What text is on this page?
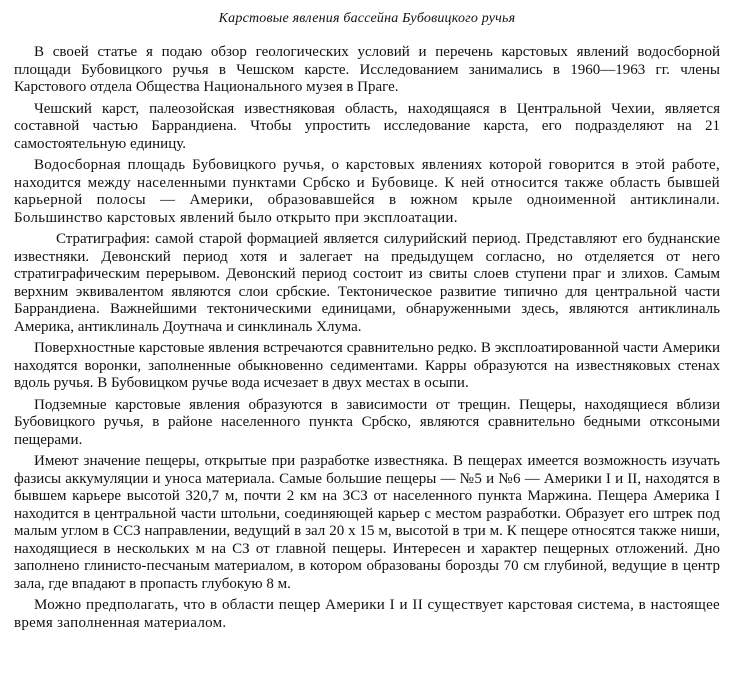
Карстовые явления бассейна Бубовицкого ручья

В своей статье я подаю обзор геологических условий и перечень карстовых явлений водосборной площади Бубовицкого ручья в Чешском карсте. Исследованием занимались в 1960—1963 гг. члены Карстового отдела Общества Национального музея в Праге.

Чешский карст, палеозойская известняковая область, находящаяся в Центральной Чехии, является составной частью Баррандиена. Чтобы упростить исследование карста, его подразделяют на 21 самостоятельную единицу.

Водосборная площадь Бубовицкого ручья, о карстовых явлениях которой говорится в этой работе, находится между населенными пунктами Србско и Бубовице. К ней относится также область бывшей карьерной полосы — Америки, образовавшейся в южном крыле одноименной антиклинали. Большинство карстовых явлений было открыто при эксплоатации.

Стратиграфия: самой старой формацией является силурийский период. Представляют его буднанские известняки. Девонский период хотя и залегает на предыдущем согласно, но отделяется от него стратиграфическим перерывом. Девонский период состоит из свиты слоев ступени праг и злихов. Самым верхним эквивалентом являются слои србские. Тектоническое развитие типично для центральной части Баррандиена. Важнейшими тектоническими единицами, обнаруженными здесь, являются антиклиналь Америка, антиклиналь Доутнача и синклиналь Хлума.

Поверхностные карстовые явления встречаются сравнительно редко. В эксплоатированной части Америки находятся воронки, заполненные обыкновенно седиментами. Карры образуются на известняковых стенах вдоль ручья. В Бубовицком ручье вода исчезает в двух местах в осыпи.

Подземные карстовые явления образуются в зависимости от трещин. Пещеры, находящиеся вблизи Бубовицкого ручья, в районе населенного пункта Србско, являются сравнительно бедными отксоными пещерами.

Имеют значение пещеры, открытые при разработке известняка. В пещерах имеется возможность изучать фазисы аккумуляции и уноса материала. Самые большие пещеры — №5 и №6 — Америки I и II, находятся в бывшем карьере высотой 320,7 м, почти 2 км на ЗСЗ от населенного пункта Маржина. Пещера Америка I находится в центральной части штольни, соединяющей карьер с местом разработки. Образует его штрек под малым углом в ССЗ направлении, ведущий в зал 20 x 15 м, высотой в три м. К пещере относятся также ниши, находящиеся в нескольких м на СЗ от главной пещеры. Интересен и характер пещерных отложений. Дно заполнено глинисто-песчаным материалом, в котором образованы борозды 70 см глубиной, ведущие в центр зала, где впадают в пропасть глубокую 8 м.

Можно предполагать, что в области пещер Америки I и II существует карстовая система, в настоящее время заполненная материалом.
